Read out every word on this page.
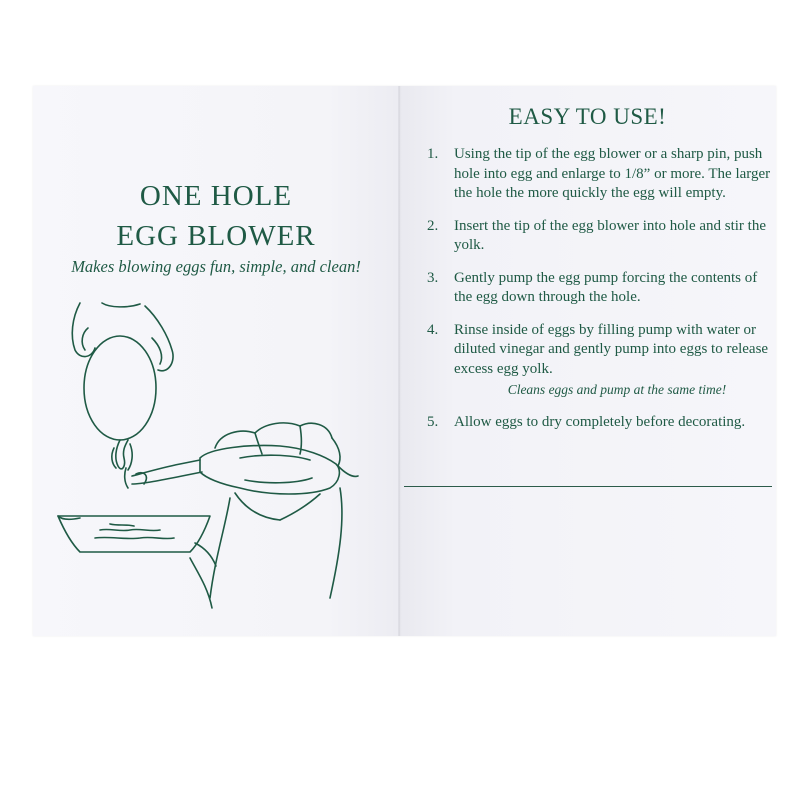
ONE HOLE
EGG BLOWER
Makes blowing eggs fun, simple, and clean!
EASY TO USE!
1. Using the tip of the egg blower or a sharp pin, push hole into egg and enlarge to 1/8” or more. The larger the hole the more quickly the egg will empty.
2. Insert the tip of the egg blower into hole and stir the yolk.
3. Gently pump the egg pump forcing the contents of the egg down through the hole.
4. Rinse inside of eggs by filling pump with water or diluted vinegar and gently pump into eggs to release excess egg yolk.
Cleans eggs and pump at the same time!
5. Allow eggs to dry completely before decorating.
